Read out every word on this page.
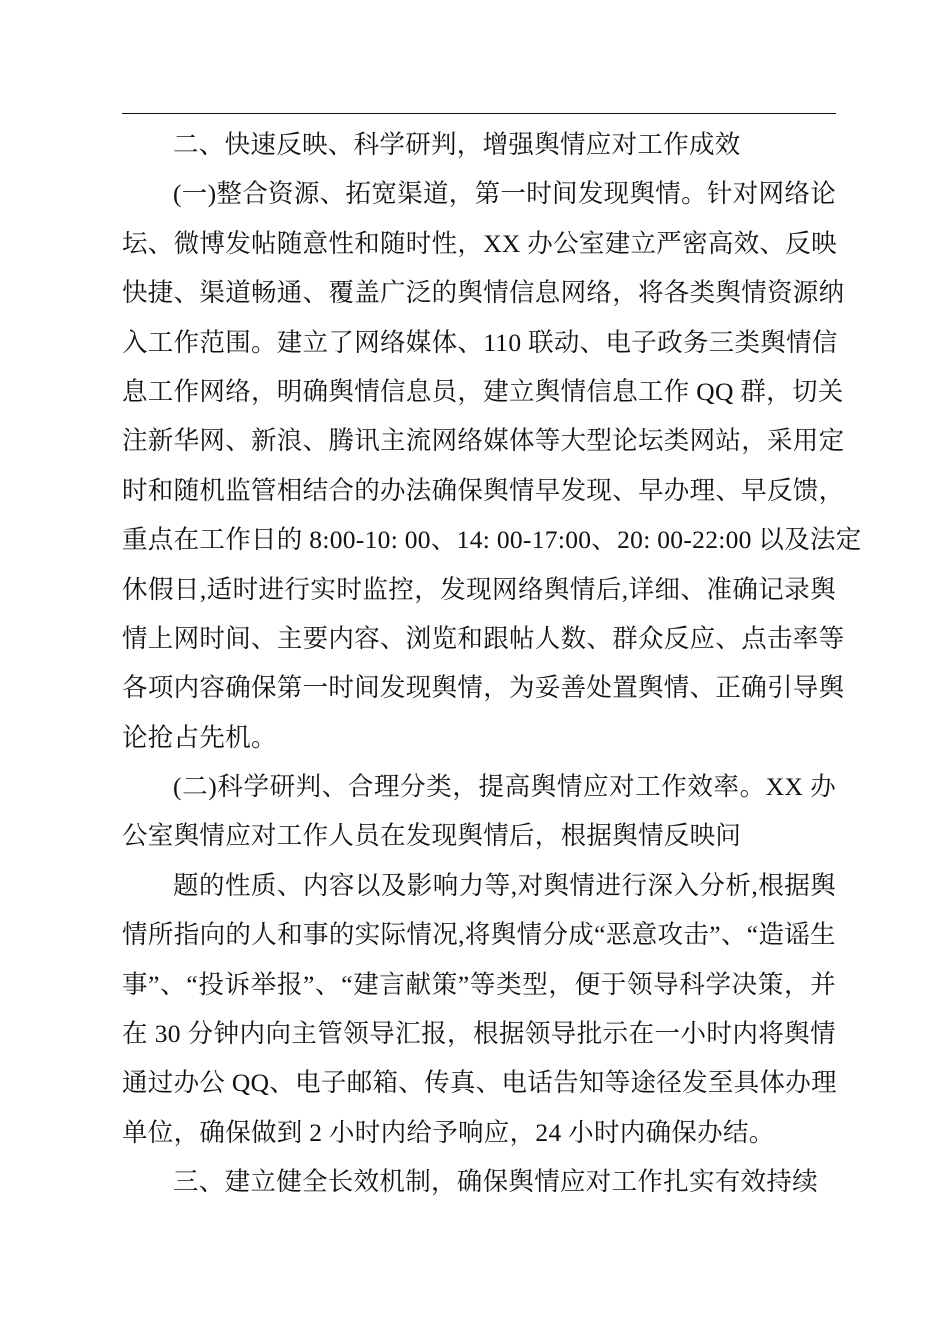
二、快速反映、科学研判，增强舆情应对工作成效
(一)整合资源、拓宽渠道，第一时间发现舆情。针对网络论
坛、微博发帖随意性和随时性，XX 办公室建立严密高效、反映
快捷、渠道畅通、覆盖广泛的舆情信息网络，将各类舆情资源纳
入工作范围。建立了网络媒体、110 联动、电子政务三类舆情信
息工作网络，明确舆情信息员，建立舆情信息工作 QQ 群，切关
注新华网、新浪、腾讯主流网络媒体等大型论坛类网站，采用定
时和随机监管相结合的办法确保舆情早发现、早办理、早反馈，
重点在工作日的 8:00-10: 00、14: 00-17:00、20: 00-22:00 以及法定
休假日,适时进行实时监控，发现网络舆情后,详细、准确记录舆
情上网时间、主要内容、浏览和跟帖人数、群众反应、点击率等
各项内容确保第一时间发现舆情，为妥善处置舆情、正确引导舆
论抢占先机。
(二)科学研判、合理分类，提高舆情应对工作效率。XX 办
公室舆情应对工作人员在发现舆情后，根据舆情反映问
题的性质、内容以及影响力等,对舆情进行深入分析,根据舆
情所指向的人和事的实际情况,将舆情分成“恶意攻击”、“造谣生
事”、“投诉举报”、“建言献策”等类型，便于领导科学决策，并
在 30 分钟内向主管领导汇报，根据领导批示在一小时内将舆情
通过办公 QQ、电子邮箱、传真、电话告知等途径发至具体办理
单位，确保做到 2 小时内给予响应，24 小时内确保办结。
三、建立健全长效机制，确保舆情应对工作扎实有效持续
